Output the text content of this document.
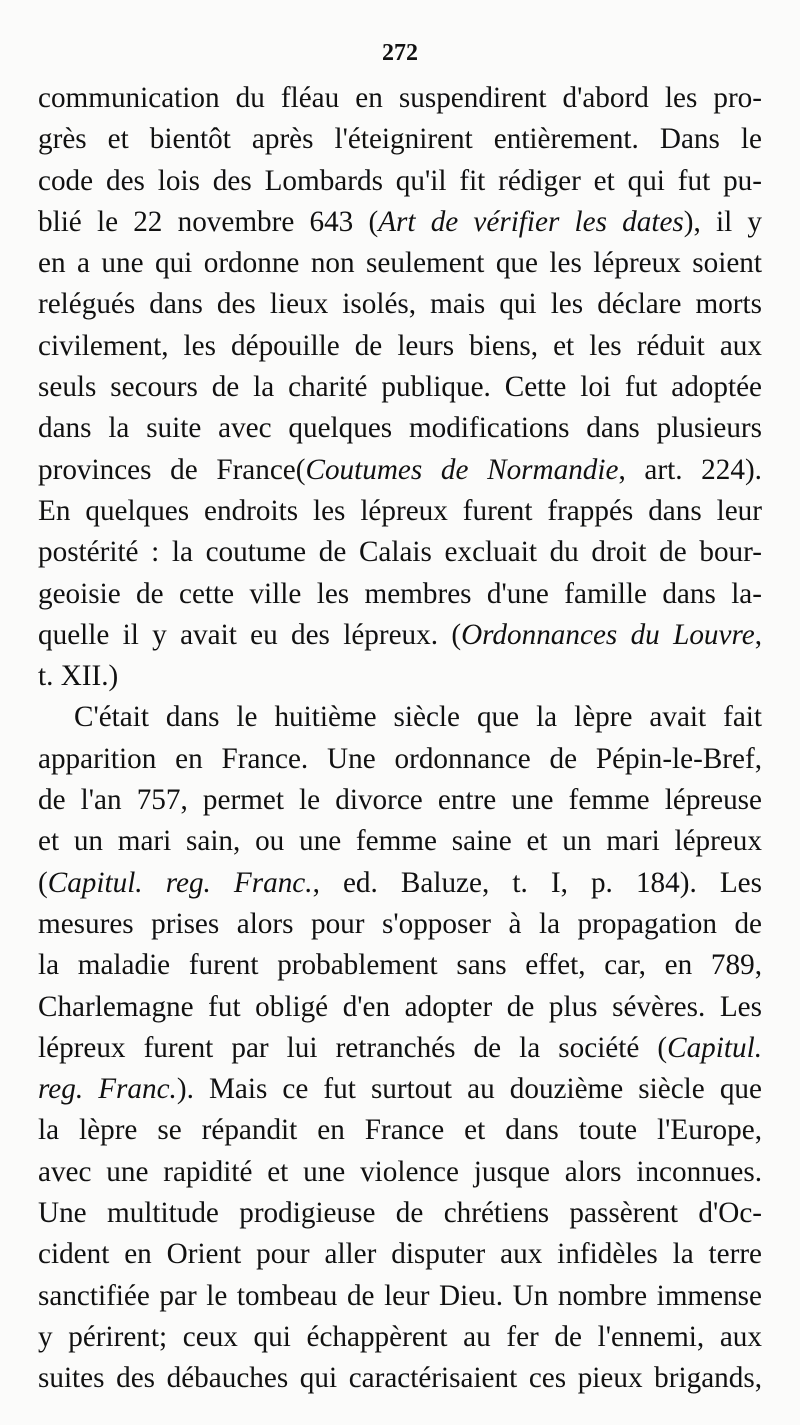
272
communication du fléau en suspendirent d'abord les pro-
grès et bientôt après l'éteignirent entièrement. Dans le
code des lois des Lombards qu'il fit rédiger et qui fut pu-
blié le 22 novembre 643 (Art de vérifier les dates), il y
en a une qui ordonne non seulement que les lépreux soient
relégués dans des lieux isolés, mais qui les déclare morts
civilement, les dépouille de leurs biens, et les réduit aux
seuls secours de la charité publique. Cette loi fut adoptée
dans la suite avec quelques modifications dans plusieurs
provinces de France(Coutumes de Normandie, art. 224).
En quelques endroits les lépreux furent frappés dans leur
postérité : la coutume de Calais excluait du droit de bour-
geoisie de cette ville les membres d'une famille dans la-
quelle il y avait eu des lépreux. (Ordonnances du Louvre,
t. XII.)
C'était dans le huitième siècle que la lèpre avait fait
apparition en France. Une ordonnance de Pépin-le-Bref,
de l'an 757, permet le divorce entre une femme lépreuse
et un mari sain, ou une femme saine et un mari lépreux
(Capitul. reg. Franc., ed. Baluze, t. I, p. 184). Les
mesures prises alors pour s'opposer à la propagation de
la maladie furent probablement sans effet, car, en 789,
Charlemagne fut obligé d'en adopter de plus sévères. Les
lépreux furent par lui retranchés de la société (Capitul.
reg. Franc.). Mais ce fut surtout au douzième siècle que
la lèpre se répandit en France et dans toute l'Europe,
avec une rapidité et une violence jusque alors inconnues.
Une multitude prodigieuse de chrétiens passèrent d'Oc-
cident en Orient pour aller disputer aux infidèles la terre
sanctifiée par le tombeau de leur Dieu. Un nombre immense
y périrent; ceux qui échappèrent au fer de l'ennemi, aux
suites des débauches qui caractérisaient ces pieux brigands,
